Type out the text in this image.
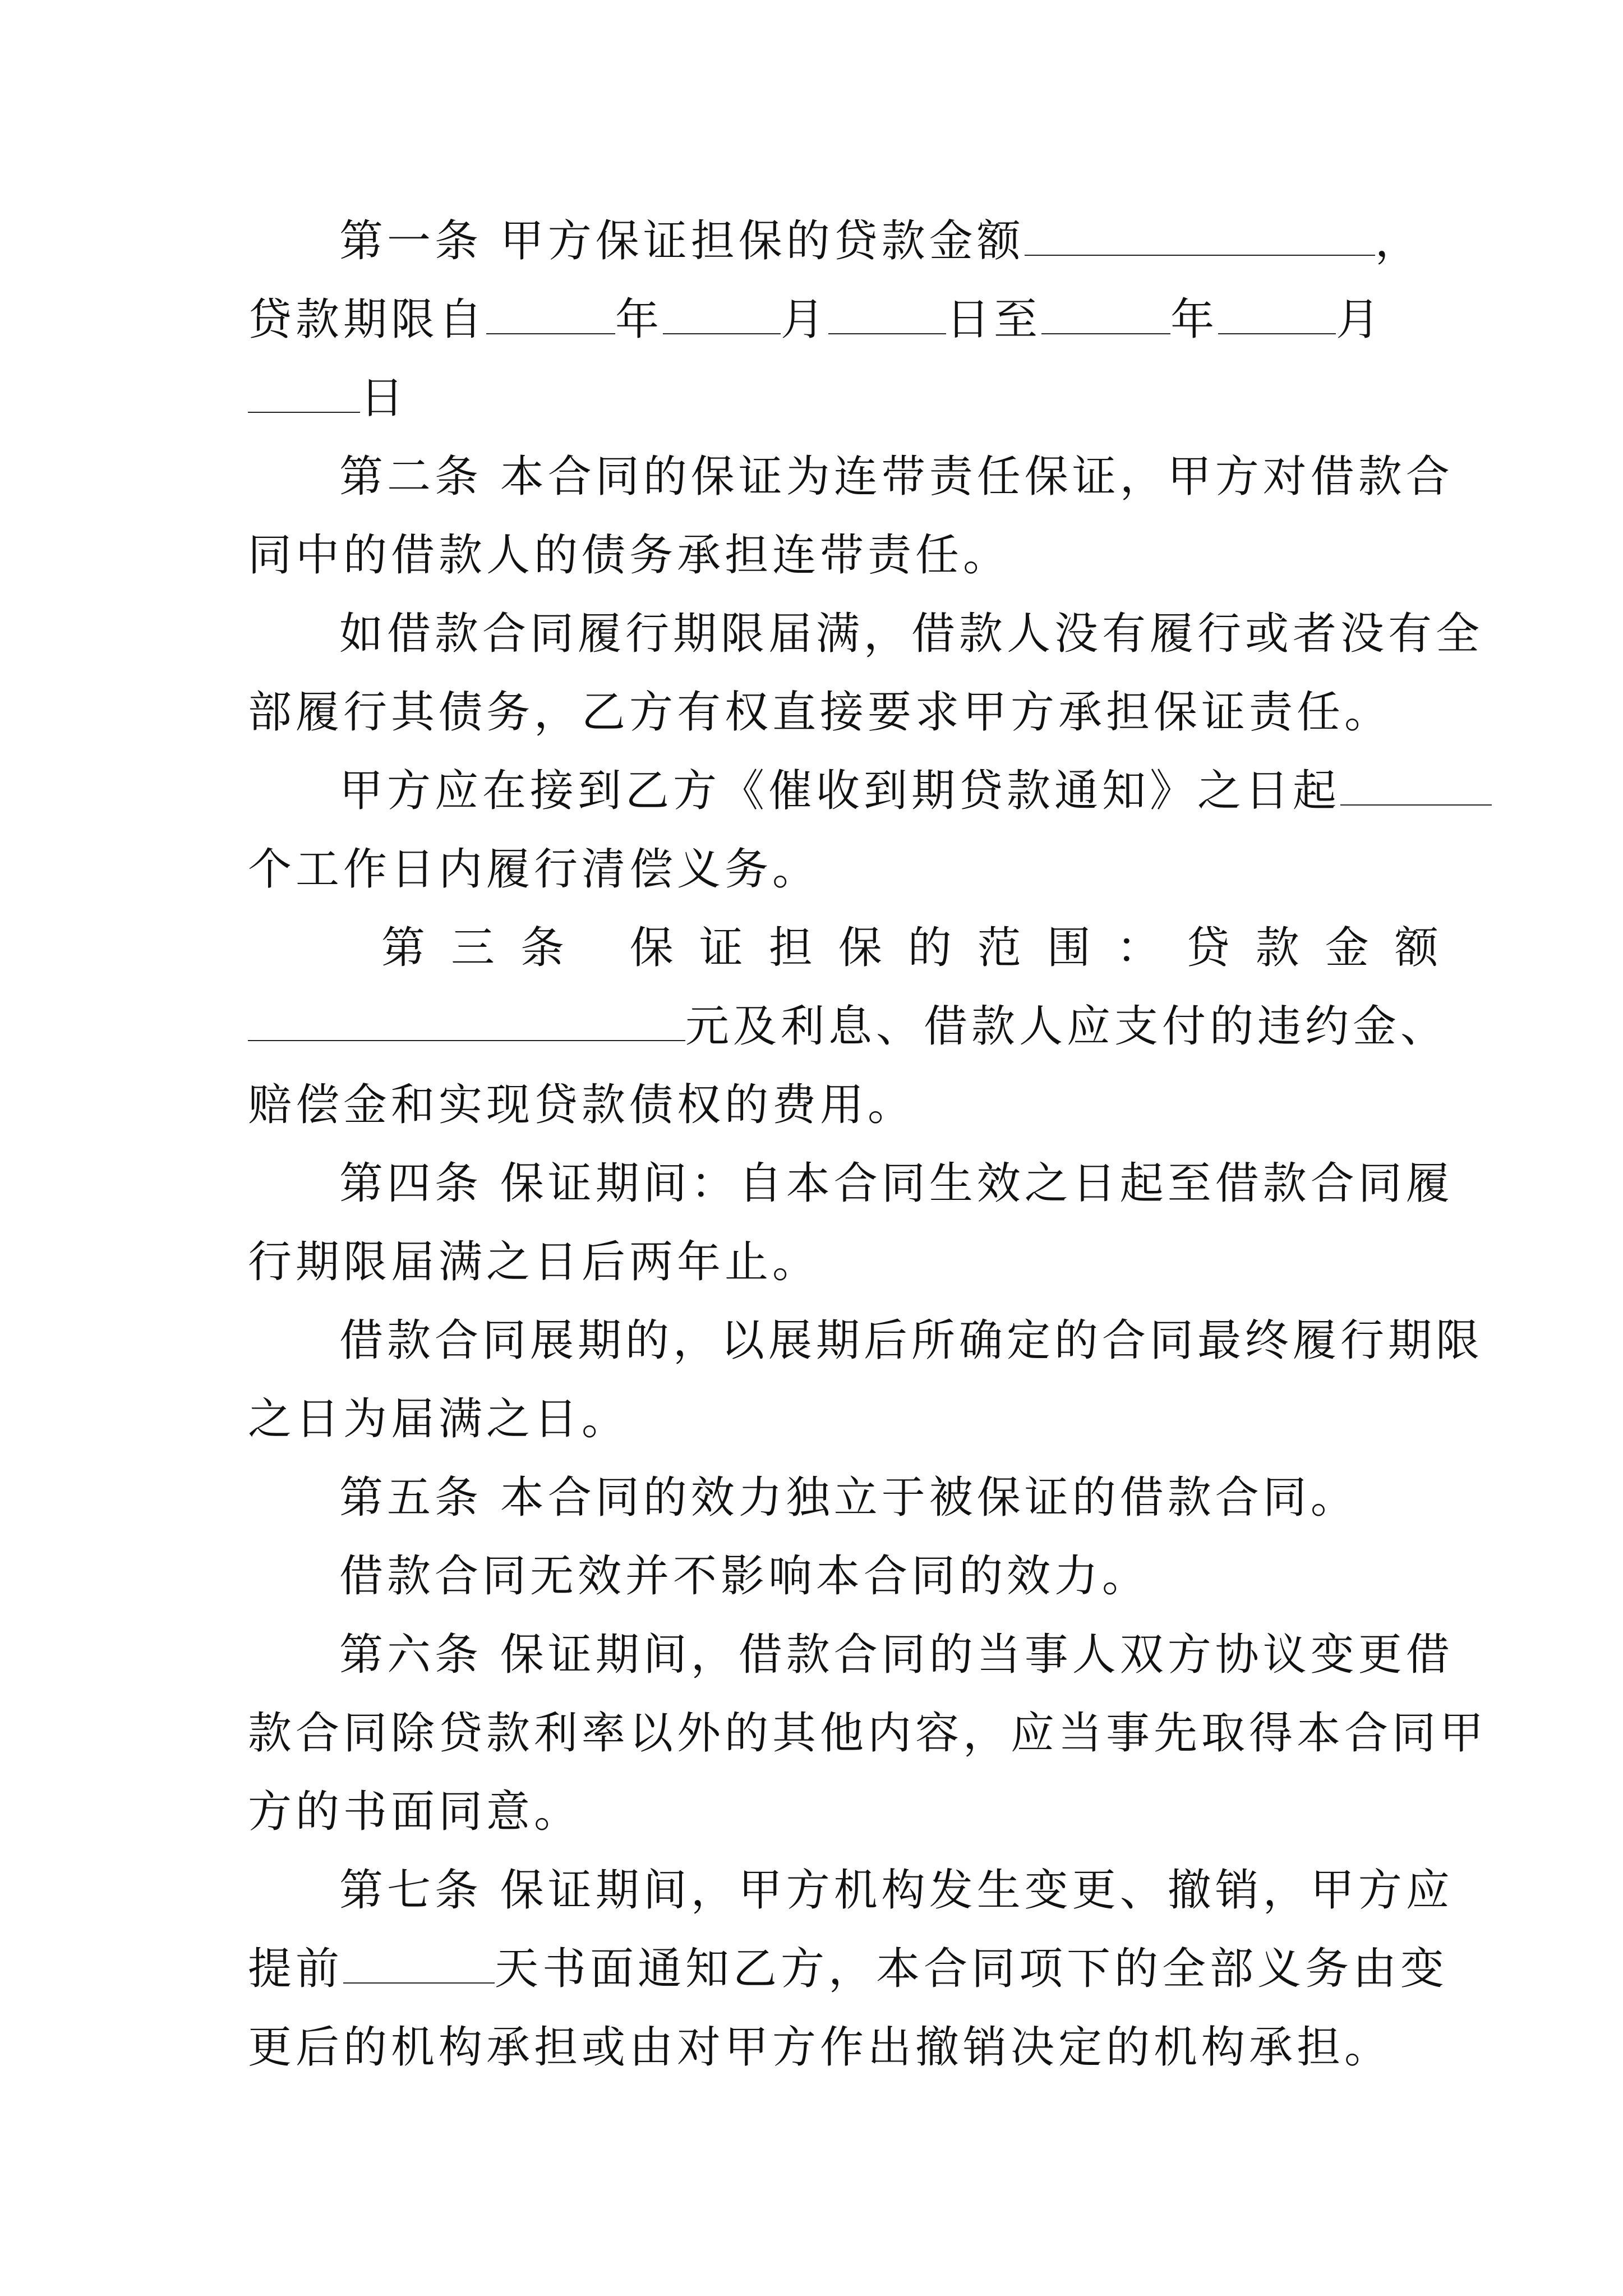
第一条 甲方保证担保的贷款金额	，
贷款期限自	年	月	日至	年	月
日
第二条 本合同的保证为连带责任保证，甲方对借款合
同中的借款人的债务承担连带责任。
如借款合同履行期限届满，借款人没有履行或者没有全
部履行其债务，乙方有权直接要求甲方承担保证责任。
甲方应在接到乙方《催收到期贷款通知》之日起
个工作日内履行清偿义务。
第三条 保证担保的范围：贷款金额
元及利息、借款人应支付的违约金、
赔偿金和实现贷款债权的费用。
第四条 保证期间：自本合同生效之日起至借款合同履
行期限届满之日后两年止。
借款合同展期的，以展期后所确定的合同最终履行期限
之日为届满之日。
第五条 本合同的效力独立于被保证的借款合同。
借款合同无效并不影响本合同的效力。
第六条 保证期间，借款合同的当事人双方协议变更借
款合同除贷款利率以外的其他内容，应当事先取得本合同甲
方的书面同意。
第七条 保证期间，甲方机构发生变更、撤销，甲方应
提前	天书面通知乙方，本合同项下的全部义务由变
更后的机构承担或由对甲方作出撤销决定的机构承担。
